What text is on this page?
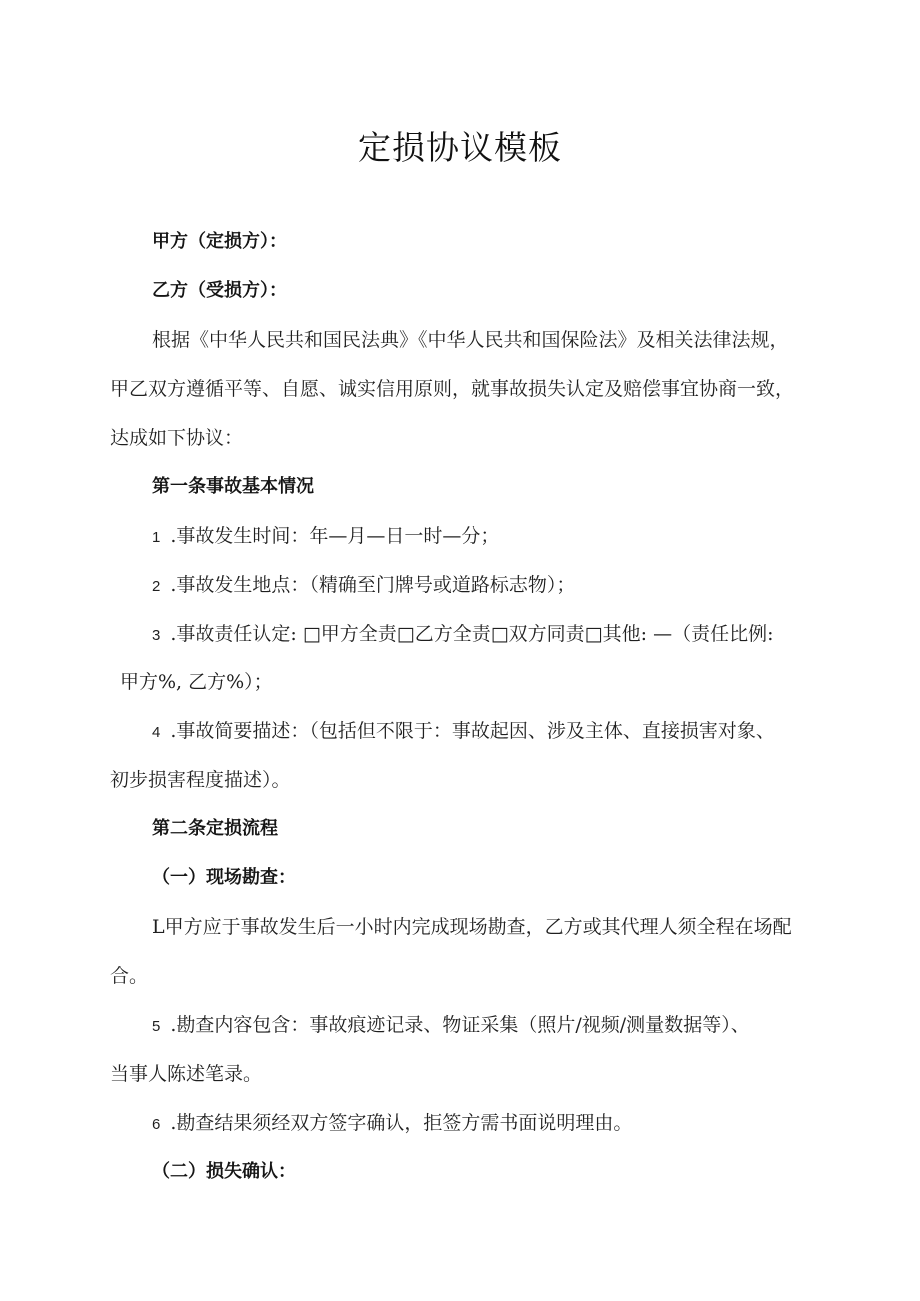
定损协议模板
甲方（定损方）：
乙方（受损方）：
根据《中华人民共和国民法典》《中华人民共和国保险法》及相关法律法规，
甲乙双方遵循平等、自愿、诚实信用原则，就事故损失认定及赔偿事宜协商一致，
达成如下协议：
第一条事故基本情况
1 .事故发生时间：年—月—日一时—分；
2 .事故发生地点：（精确至门牌号或道路标志物）；
3 .事故责任认定: □甲方全责□乙方全责□双方同责□其他: —（责任比例:
甲方%, 乙方%）；
4 .事故简要描述：（包括但不限于：事故起因、涉及主体、直接损害对象、
初步损害程度描述）。
第二条定损流程
（一）现场勘查：
L甲方应于事故发生后一小时内完成现场勘查，乙方或其代理人须全程在场配
合。
5 .勘查内容包含：事故痕迹记录、物证采集（照片/视频/测量数据等）、
当事人陈述笔录。
6 .勘查结果须经双方签字确认，拒签方需书面说明理由。
（二）损失确认：
